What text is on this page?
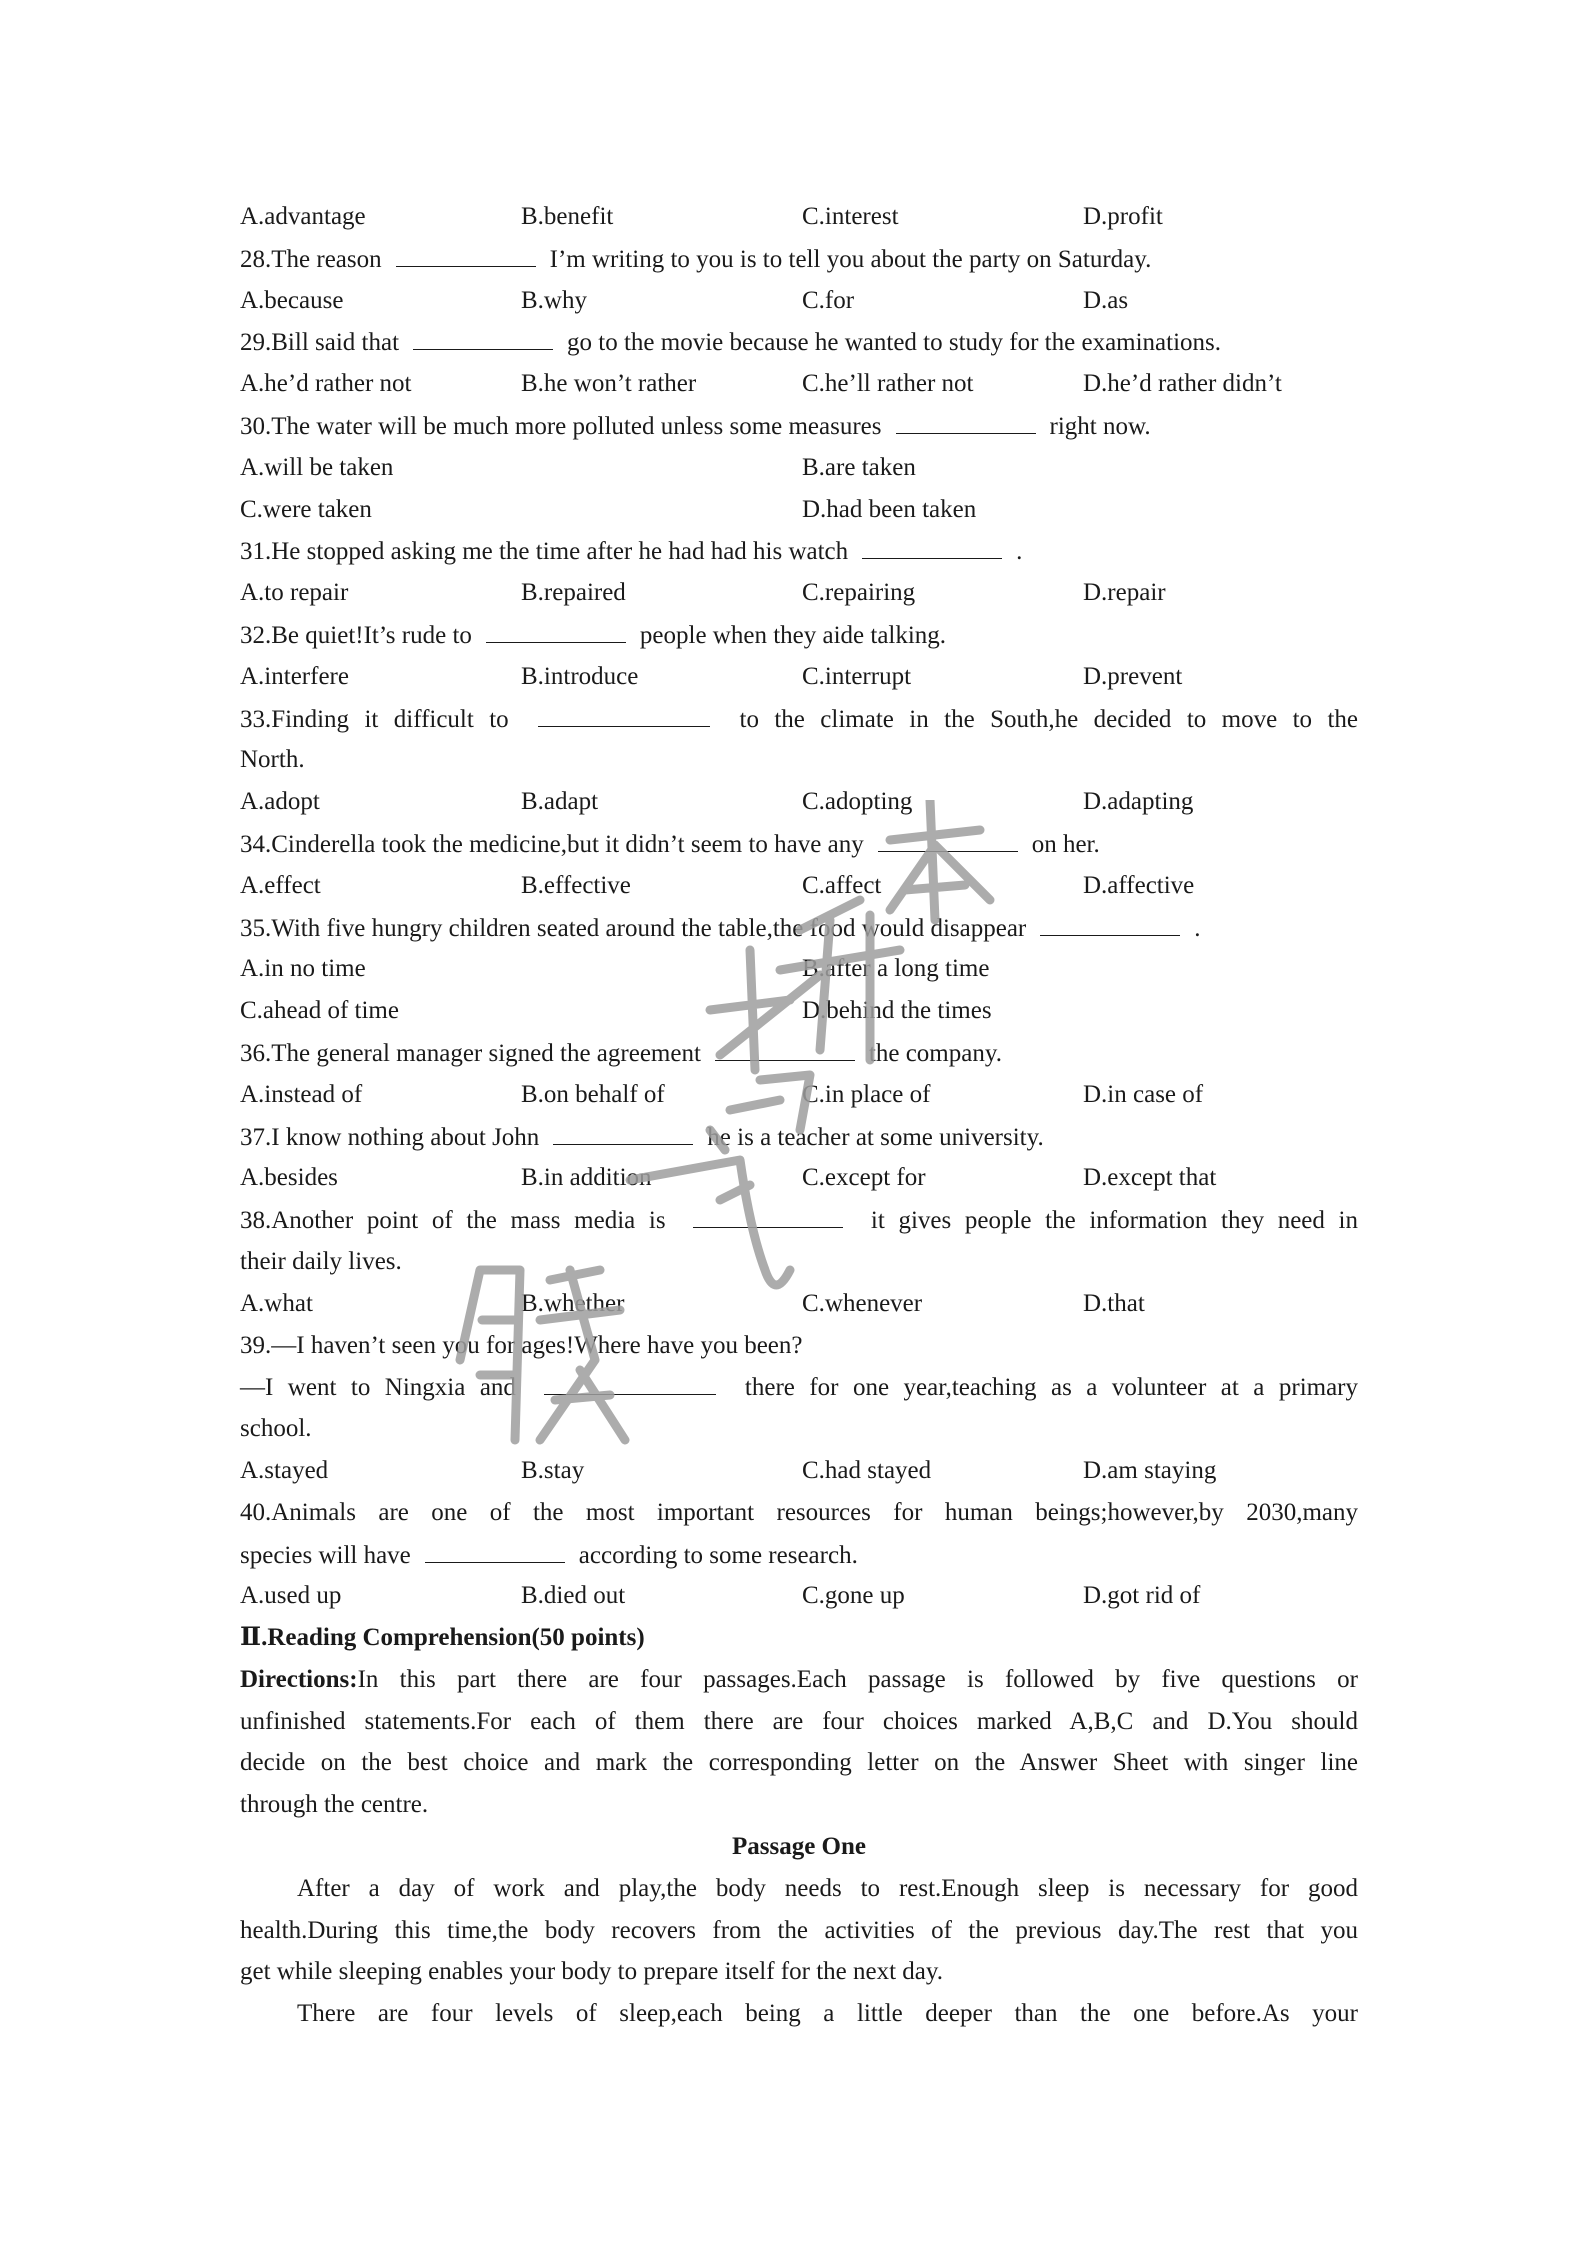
A.advantage	B.benefit	C.interest	D.profit
28.The reason	I’m writing to you is to tell you about the party on Saturday.
A.because	B.why	C.for	D.as
29.Bill said that	go to the movie because he wanted to study for the examinations.
A.he’d rather not	B.he won’t rather	C.he’ll rather not	D.he’d rather didn’t
30.The water will be much more polluted unless some measures	right now.
A.will be taken	B.are taken
C.were taken	D.had been taken
31.He stopped asking me the time after he had had his watch	.
A.to repair	B.repaired	C.repairing	D.repair
32.Be quiet!It’s rude to	people when they aide talking.
A.interfere	B.introduce	C.interrupt	D.prevent
33.Finding it difficult to	to the climate in the South,he decided to move to the
North.
A.adopt	B.adapt	C.adopting	D.adapting
34.Cinderella took the medicine,but it didn’t seem to have any	on her.
A.effect	B.effective	C.affect	D.affective
35.With five hungry children seated around the table,the food would disappear	.
A.in no time	B.after a long time
C.ahead of time	D.behind the times
36.The general manager signed the agreement	the company.
A.instead of	B.on behalf of	C.in place of	D.in case of
37.I know nothing about John	he is a teacher at some university.
A.besides	B.in addition	C.except for	D.except that
38.Another point of the mass media is	it gives people the information they need in
their daily lives.
A.what	B.whether	C.whenever	D.that
39.—I haven’t seen you for ages!Where have you been?
—I went to Ningxia and	there for one year,teaching as a volunteer at a primary
school.
A.stayed	B.stay	C.had stayed	D.am staying
40.Animals are one of the most important resources for human beings;however,by 2030,many
species will have	according to some research.
A.used up	B.died out	C.gone up	D.got rid of
Ⅱ.Reading Comprehension(50 points)
Directions:In this part there are four passages.Each passage is followed by five questions or
unfinished statements.For each of them there are four choices marked A,B,C and D.You should
decide on the best choice and mark the corresponding letter on the Answer Sheet with singer line
through the centre.
Passage One
After a day of work and play,the body needs to rest.Enough sleep is necessary for good
health.During this time,the body recovers from the activities of the previous day.The rest that you
get while sleeping enables your body to prepare itself for the next day.
There are four levels of sleep,each being a little deeper than the one before.As your
腾飞考升本
